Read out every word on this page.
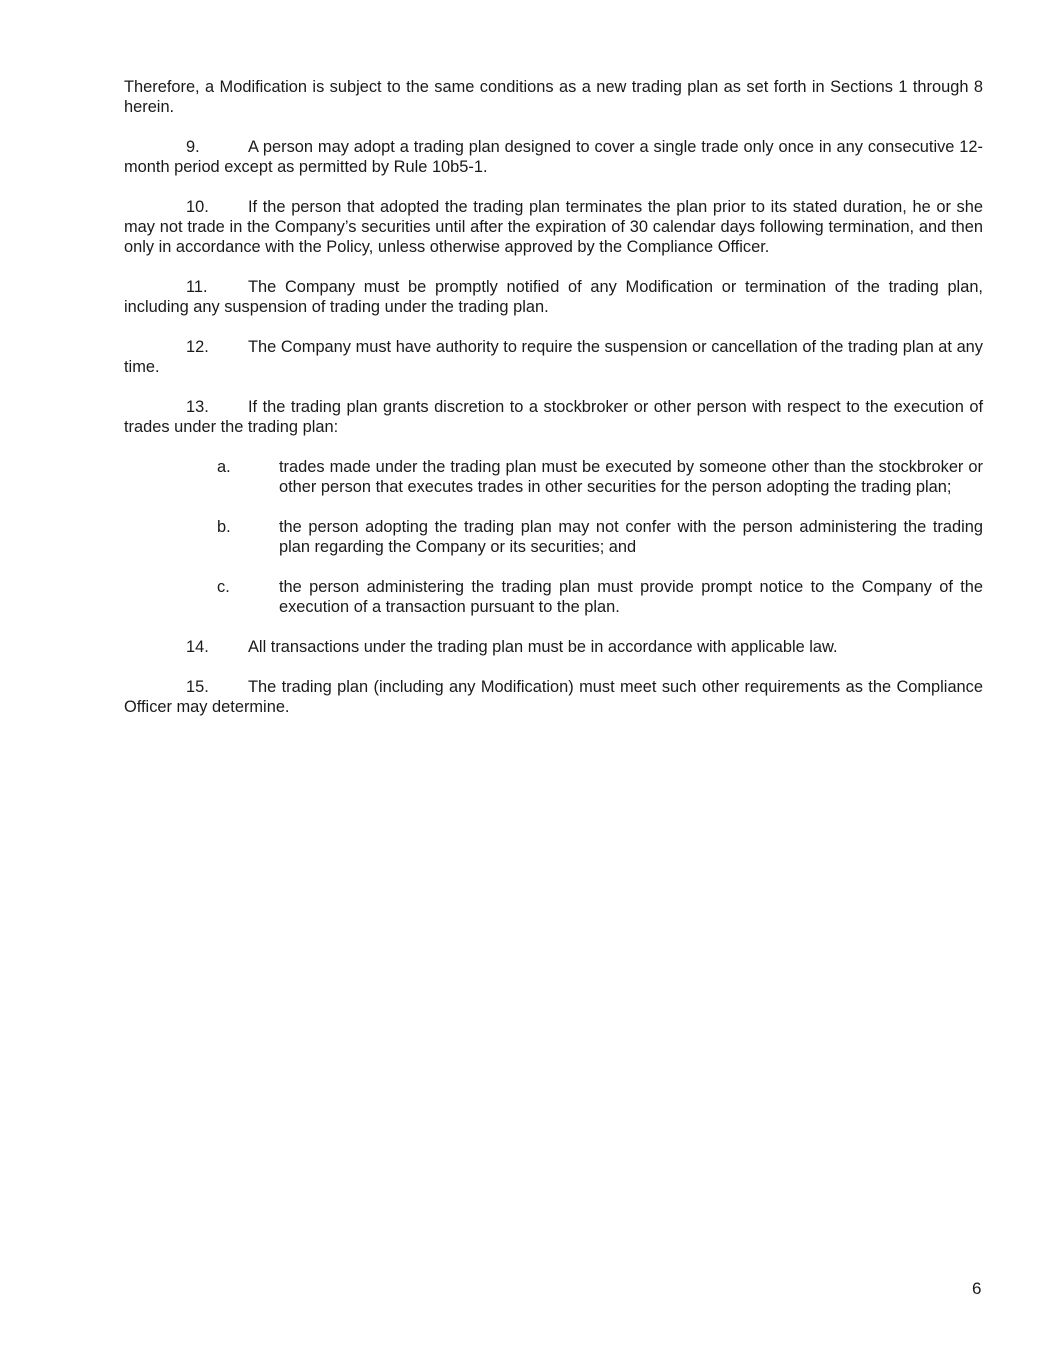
Therefore, a Modification is subject to the same conditions as a new trading plan as set forth in Sections 1 through 8 herein.

9.	A person may adopt a trading plan designed to cover a single trade only once in any consecutive 12-month period except as permitted by Rule 10b5-1.

10. If the person that adopted the trading plan terminates the plan prior to its stated duration, he or she may not trade in the Company’s securities until after the expiration of 30 calendar days following termination, and then only in accordance with the Policy, unless otherwise approved by the Compliance Officer.

11. The Company must be promptly notified of any Modification or termination of the trading plan, including any suspension of trading under the trading plan.

12. The Company must have authority to require the suspension or cancellation of the trading plan at any time.

13. If the trading plan grants discretion to a stockbroker or other person with respect to the execution of trades under the trading plan:

a.	trades made under the trading plan must be executed by someone other than the stockbroker or other person that executes trades in other securities for the person adopting the trading plan;
b.	the person adopting the trading plan may not confer with the person administering the trading plan regarding the Company or its securities; and
c.	the person administering the trading plan must provide prompt notice to the Company of the execution of a transaction pursuant to the plan.

14. All transactions under the trading plan must be in accordance with applicable law.

15. The trading plan (including any Modification) must meet such other requirements as the Compliance Officer may determine.

6
